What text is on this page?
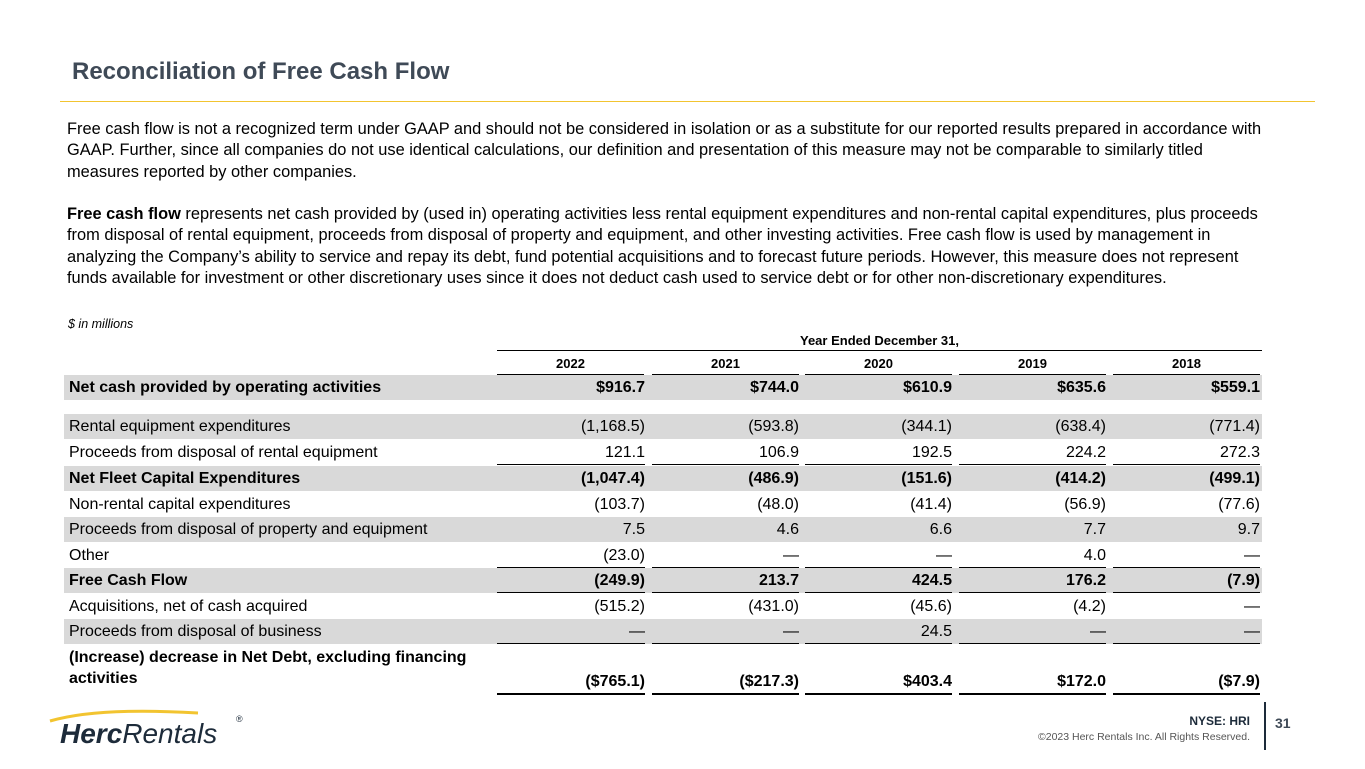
Reconciliation of Free Cash Flow

Free cash flow is not a recognized term under GAAP and should not be considered in isolation or as a substitute for our reported results prepared in accordance with GAAP. Further, since all companies do not use identical calculations, our definition and presentation of this measure may not be comparable to similarly titled measures reported by other companies.

Free cash flow represents net cash provided by (used in) operating activities less rental equipment expenditures and non-rental capital expenditures, plus proceeds from disposal of rental equipment, proceeds from disposal of property and equipment, and other investing activities. Free cash flow is used by management in analyzing the Company’s ability to service and repay its debt, fund potential acquisitions and to forecast future periods. However, this measure does not represent funds available for investment or other discretionary uses since it does not deduct cash used to service debt or for other non-discretionary expenditures.

$ in millions
Year Ended December 31,
2022	2021	2020	2019	2018
Net cash provided by operating activities	$916.7	$744.0	$610.9	$635.6	$559.1
Rental equipment expenditures	(1,168.5)	(593.8)	(344.1)	(638.4)	(771.4)
Proceeds from disposal of rental equipment	121.1	106.9	192.5	224.2	272.3
Net Fleet Capital Expenditures	(1,047.4)	(486.9)	(151.6)	(414.2)	(499.1)
Non-rental capital expenditures	(103.7)	(48.0)	(41.4)	(56.9)	(77.6)
Proceeds from disposal of property and equipment	7.5	4.6	6.6	7.7	9.7
Other	(23.0)	—	—	4.0	—
Free Cash Flow	(249.9)	213.7	424.5	176.2	(7.9)
Acquisitions, net of cash acquired	(515.2)	(431.0)	(45.6)	(4.2)	—
Proceeds from disposal of business	—	—	24.5	—	—
(Increase) decrease in Net Debt, excluding financing activities	($765.1)	($217.3)	$403.4	$172.0	($7.9)
HercRentals ®	NYSE: HRI
©2023 Herc Rentals Inc. All Rights Reserved.
31
